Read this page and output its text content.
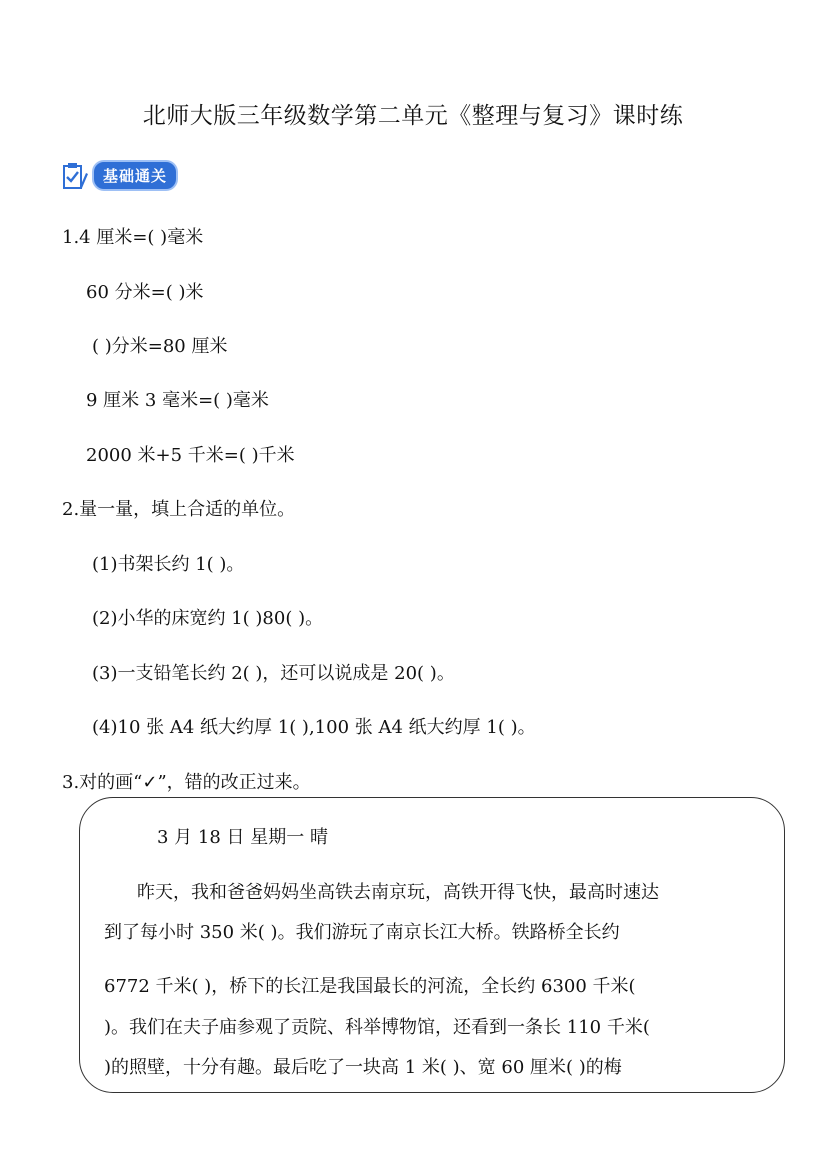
北师大版三年级数学第二单元《整理与复习》课时练
基础通关
1.4 厘米=( )毫米
60 分米=( )米
( )分米=80 厘米
9 厘米 3 毫米=( )毫米
2000 米+5 千米=( )千米
2.量一量，填上合适的单位。
(1)书架长约 1( )。
(2)小华的床宽约 1( )80( )。
(3)一支铅笔长约 2( )，还可以说成是 20( )。
(4)10 张 A4 纸大约厚 1( ),100 张 A4 纸大约厚 1( )。
3.对的画“✓”，错的改正过来。
3 月 18 日 星期一 晴
昨天，我和爸爸妈妈坐高铁去南京玩，高铁开得飞快，最高时速达
到了每小时 350 米( )。我们游玩了南京长江大桥。铁路桥全长约
6772 千米( )，桥下的长江是我国最长的河流，全长约 6300 千米(
)。我们在夫子庙参观了贡院、科举博物馆，还看到一条长 110 千米(
)的照壁，十分有趣。最后吃了一块高 1 米( )、宽 60 厘米( )的梅
